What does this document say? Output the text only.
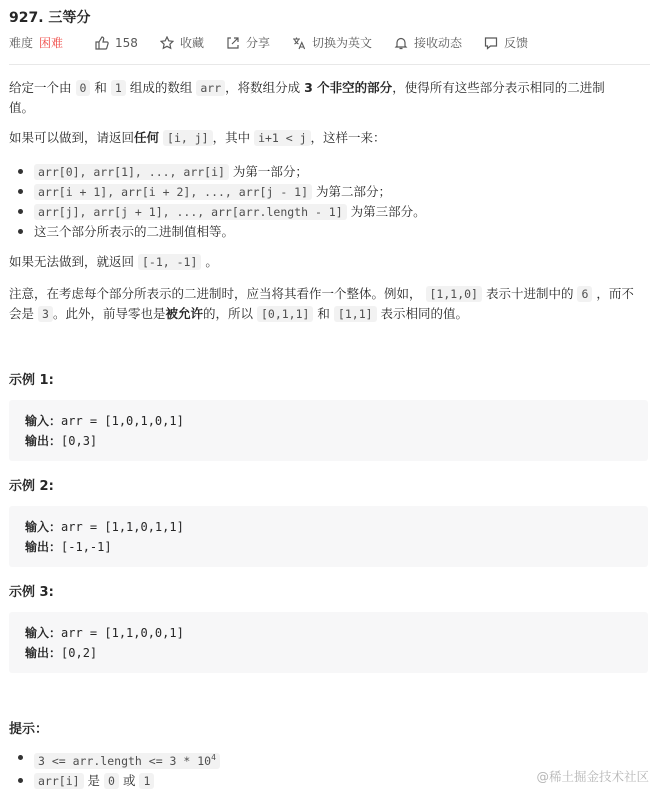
927. 三等分
难度 困难	158	收藏	分享	切换为英文	接收动态	反馈
给定一个由 0 和 1 组成的数组 arr ，将数组分成 3 个非空的部分，使得所有这些部分表示相同的二进制
值。
如果可以做到，请返回任何 [i, j] ，其中 i+1 < j ，这样一来：
arr[0], arr[1], ..., arr[i] 为第一部分；
arr[i + 1], arr[i + 2], ..., arr[j - 1] 为第二部分；
arr[j], arr[j + 1], ..., arr[arr.length - 1] 为第三部分。
这三个部分所表示的二进制值相等。
如果无法做到，就返回 [-1, -1] 。
注意，在考虑每个部分所表示的二进制时，应当将其看作一个整体。例如， [1,1,0] 表示十进制中的 6 ，而不
会是 3 。此外，前导零也是被允许的，所以 [0,1,1] 和 [1,1] 表示相同的值。
示例 1:
输入：arr = [1,0,1,0,1]
输出：[0,3]
示例 2:
输入：arr = [1,1,0,1,1]
输出：[-1,-1]
示例 3:
输入：arr = [1,1,0,0,1]
输出：[0,2]
提示：
3 <= arr.length <= $3 * 10^4$
arr[i] 是 0 或 1	@稀土掘金技术社区
